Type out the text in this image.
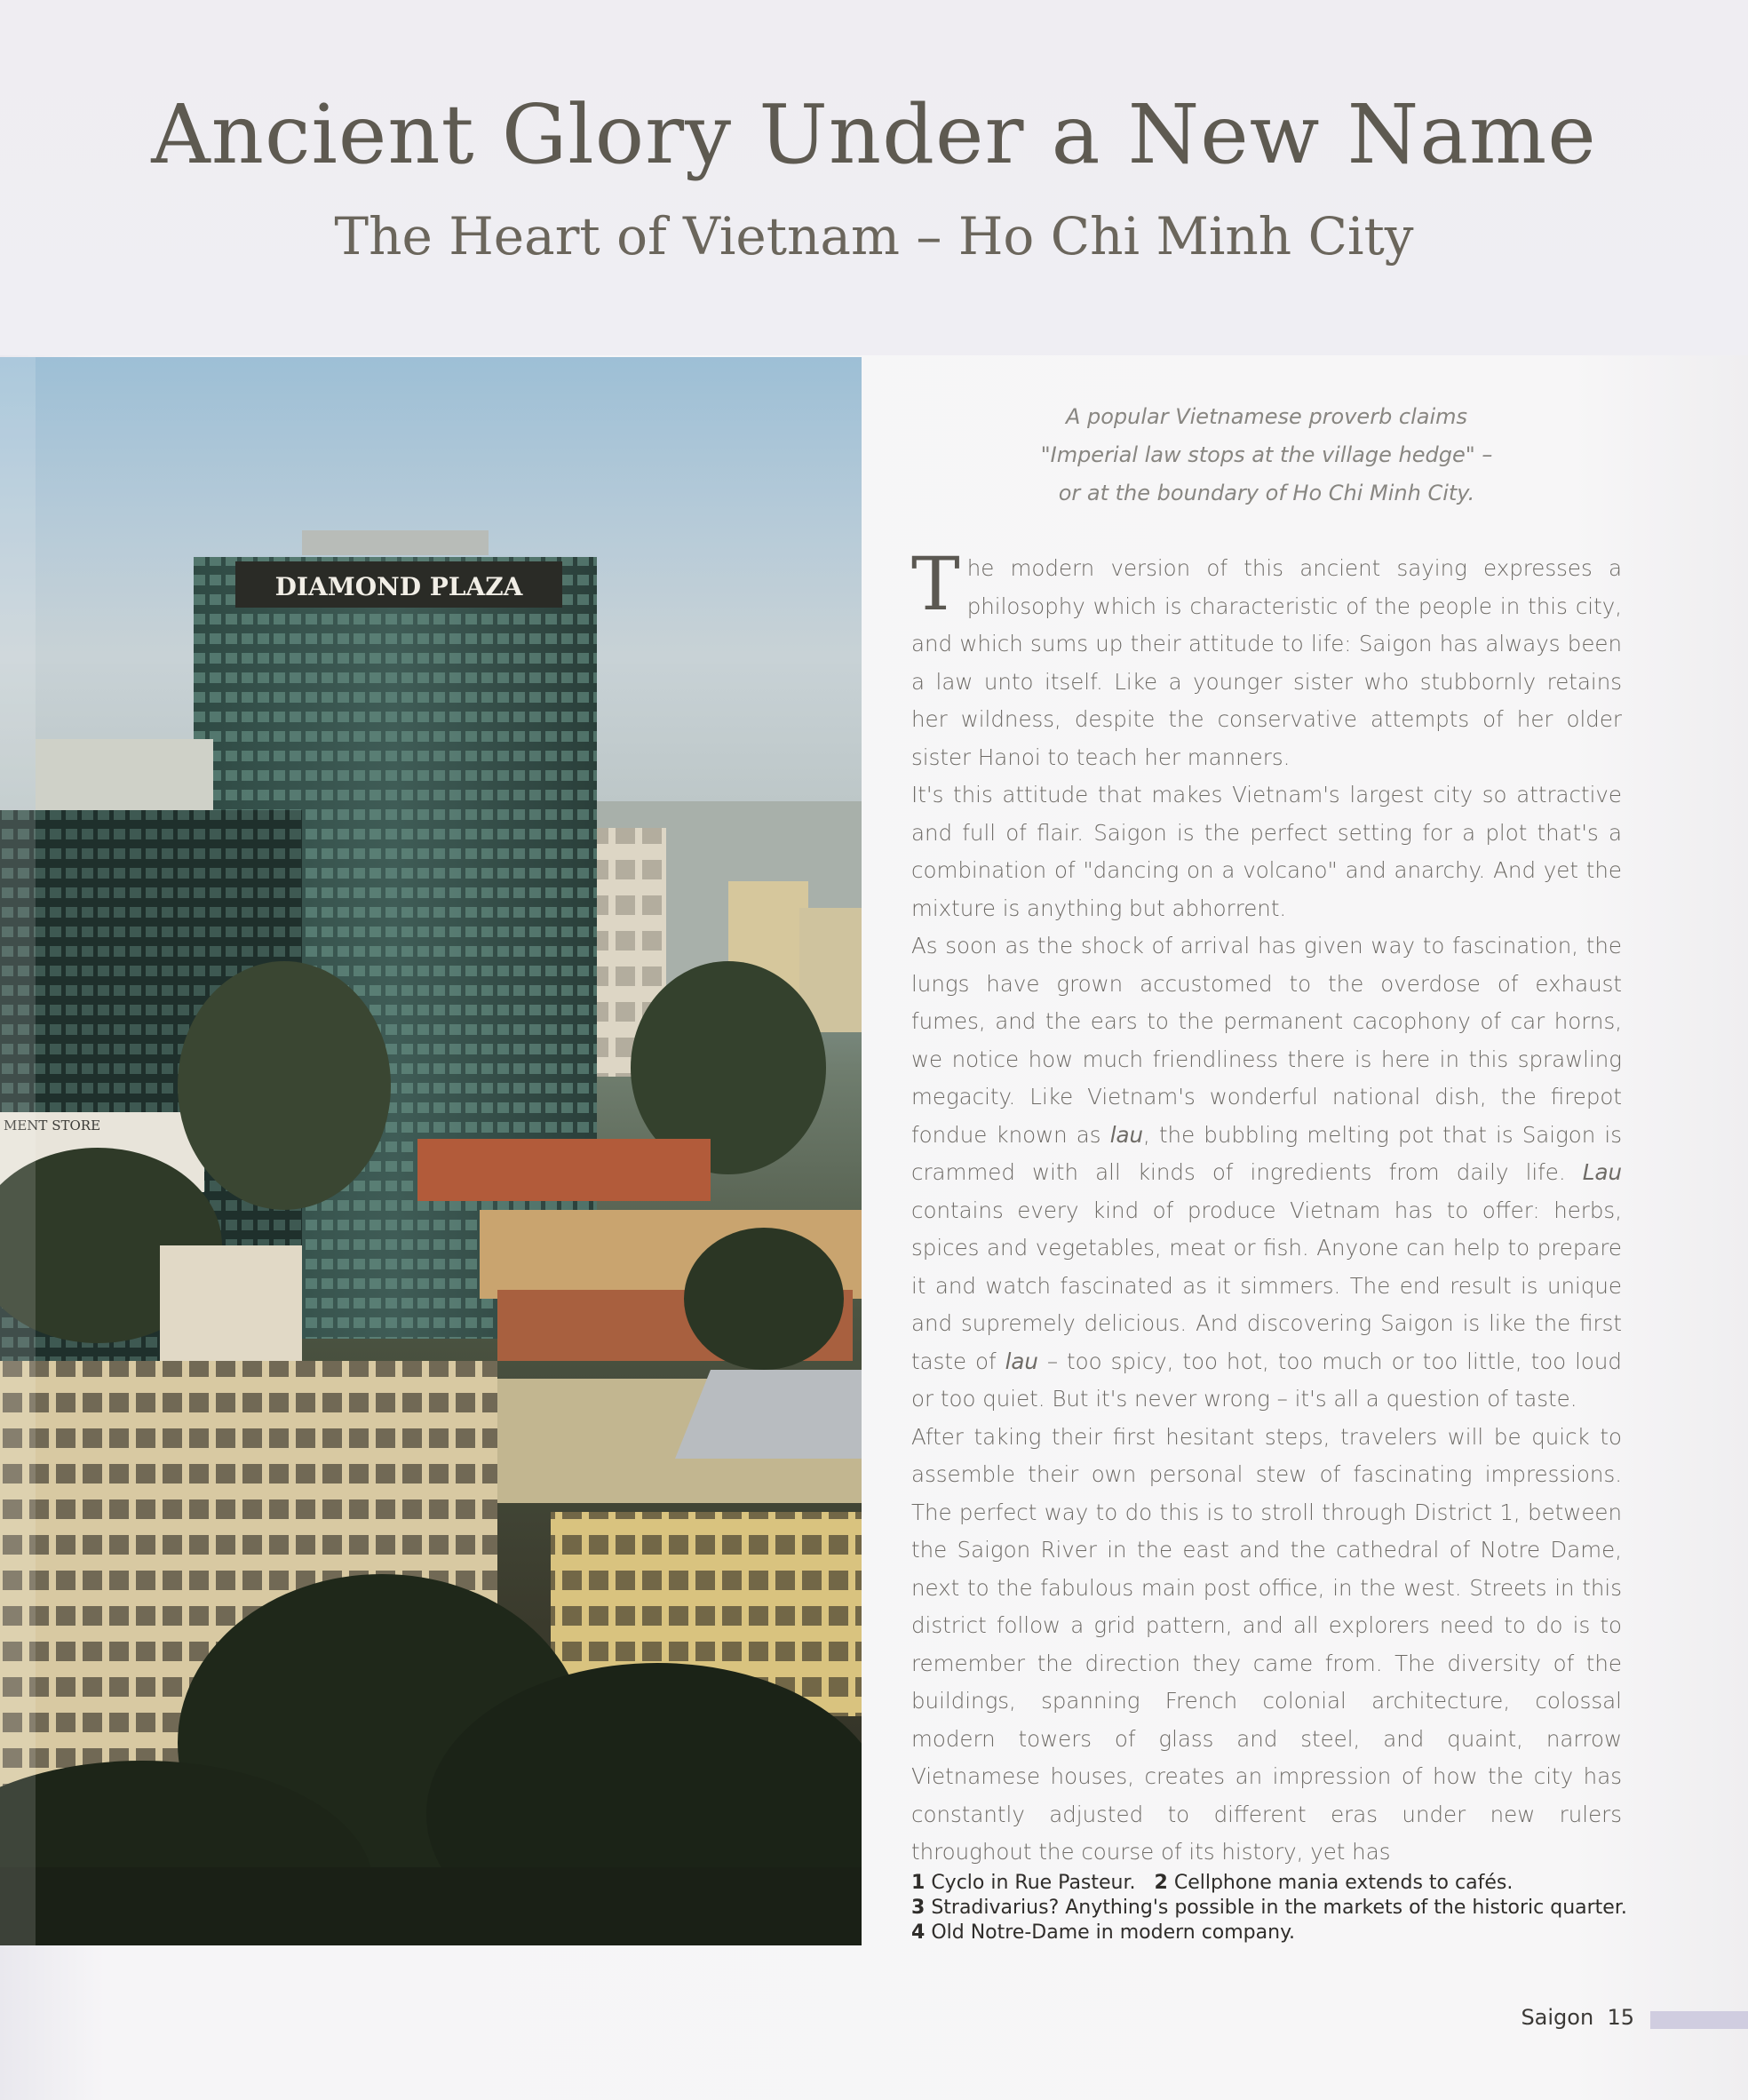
Ancient Glory Under a New Name
The Heart of Vietnam – Ho Chi Minh City
DIAMOND PLAZA
MENT STORE

A popular Vietnamese proverb claims
"Imperial law stops at the village hedge" –
or at the boundary of Ho Chi Minh City.

The modern version of this ancient saying expresses a philosophy which is characteristic of the people in this city, and which sums up their attitude to life: Saigon has always been a law unto itself. Like a younger sister who stubbornly retains her wildness, despite the conservative attempts of her older sister Hanoi to teach her manners.

It's this attitude that makes Vietnam's largest city so attractive and full of flair. Saigon is the perfect setting for a plot that's a combination of "dancing on a volcano" and anarchy. And yet the mixture is anything but abhorrent.

As soon as the shock of arrival has given way to fascination, the lungs have grown accustomed to the overdose of exhaust fumes, and the ears to the permanent cacophony of car horns, we notice how much friendliness there is here in this sprawling megacity. Like Vietnam's wonderful national dish, the firepot fondue known as lau, the bubbling melting pot that is Saigon is crammed with all kinds of ingredients from daily life. Lau contains every kind of produce Vietnam has to offer: herbs, spices and vegetables, meat or fish. Anyone can help to prepare it and watch fascinated as it simmers. The end result is unique and supremely delicious. And discovering Saigon is like the first taste of lau – too spicy, too hot, too much or too little, too loud or too quiet. But it's never wrong – it's all a question of taste.

After taking their first hesitant steps, travelers will be quick to assemble their own personal stew of fascinating impressions. The perfect way to do this is to stroll through District 1, between the Saigon River in the east and the cathedral of Notre Dame, next to the fabulous main post office, in the west. Streets in this district follow a grid pattern, and all explorers need to do is to remember the direction they came from. The diversity of the buildings, spanning French colonial architecture, colossal modern towers of glass and steel, and quaint, narrow Vietnamese houses, creates an impression of how the city has constantly adjusted to different eras under new rulers throughout the course of its history, yet has

1 Cyclo in Rue Pasteur. 2 Cellphone mania extends to cafés.
3 Stradivarius? Anything's possible in the markets of the historic quarter.
4 Old Notre-Dame in modern company.
Saigon 15
